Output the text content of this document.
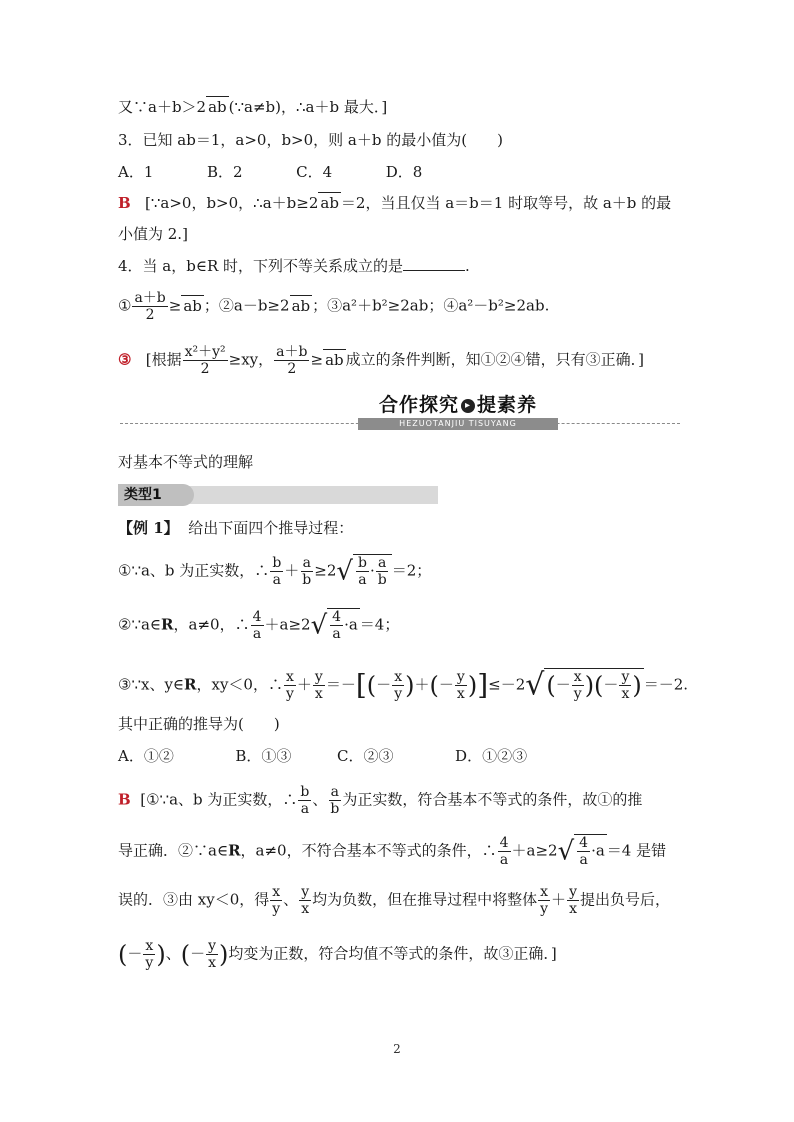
又∵a＋b＞2 ab (∵a≠b)，∴a＋b 最大．]
3．已知 ab＝1，a>0，b>0，则 a＋b 的最小值为(　　)
A．1	B．2	C．4	D．8
B   [∵a>0，b>0，∴a＋b≥2 ab ＝2，当且仅当 a＝b＝1 时取等号，故 a＋b 的最
小值为 2.]
4．当 a，b∈R 时，下列不等关系成立的是	.
① $\frac{a+b}{2}$ ≥ ab ；②a－b≥2 ab ；③a²＋b²≥2ab；④a²－b²≥2ab.
③   [根据 $\frac{\text{x²＋y²}}{2} \ge xy$， $\frac{a+b}{2}$ ≥ ab 成立的条件判断，知①②④错，只有③正确．]
合作探究 ▸ 提素养
HEZUOTANJIU TISUYANG
对基本不等式的理解
类型1
【例 1】 给出下面四个推导过程：
①∵a、b 为正实数，∴ $\frac{b}{a} + \frac{a}{b} \ge 2√ \frac{b}{a} \cdot \frac{a}{b} =2$；
②∵a∈R，a≠0，∴ $\frac{4}{a} +a\ge 2√ \frac{4}{a} \cdot a =4$；
③∵x、y∈R，xy＜0，∴ $\frac{x}{y} + \frac{y}{x}$ ＝－[(－ $\frac{x}{y}$ )＋(－ $\frac{y}{x} )]\le-2√(- \frac{x}{y}$ )(－ $\frac{y}{x}$ ) ＝－2.
其中正确的推导为(　　)
A．①②	B．①③	C．②③	D．①②③
B  [①∵a、b 为正实数，∴ $\frac{b}{a}$ 、 $\frac{a}{b}$ 为正实数，符合基本不等式的条件，故①的推
导正确．②∵a∈R，a≠0，不符合基本不等式的条件，∴ $\frac{4}{a} +a\ge 2√ \frac{4}{a} \cdot a =4$ 是错
误的．③由 xy＜0，得 $\frac{x}{y}$ 、 $\frac{y}{x}$ 均为负数，但在推导过程中将整体 $\frac{x}{y} + \frac{y}{x}$ 提出负号后，
(－ $\frac{x}{y}$ )、(－ $\frac{y}{x}$ )均变为正数，符合均值不等式的条件，故③正确．]
2
